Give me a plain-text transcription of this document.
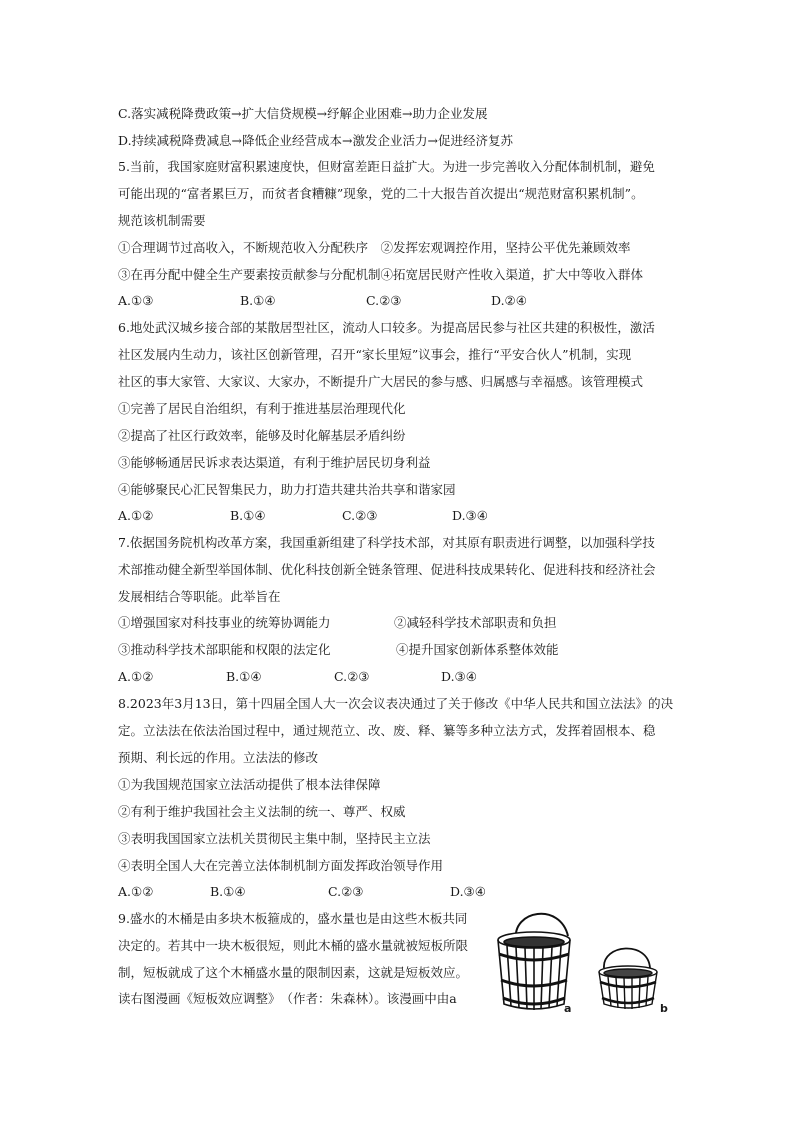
C.落实减税降费政策→扩大信贷规模→纾解企业困难→助力企业发展
D.持续减税降费减息→降低企业经营成本→激发企业活力→促进经济复苏
5.当前，我国家庭财富积累速度快，但财富差距日益扩大。为进一步完善收入分配体制机制，避免
可能出现的“富者累巨万，而贫者食糟糠”现象，党的二十大报告首次提出“规范财富积累机制”。
规范该机制需要
①合理调节过高收入，不断规范收入分配秩序　②发挥宏观调控作用，坚持公平优先兼顾效率
③在再分配中健全生产要素按贡献参与分配机制④拓宽居民财产性收入渠道，扩大中等收入群体
A.①③	B.①④	C.②③	D.②④
6.地处武汉城乡接合部的某散居型社区，流动人口较多。为提高居民参与社区共建的积极性，激活
社区发展内生动力，该社区创新管理，召开“家长里短”议事会，推行“平安合伙人”机制，实现
社区的事大家管、大家议、大家办，不断提升广大居民的参与感、归属感与幸福感。该管理模式
①完善了居民自治组织，有利于推进基层治理现代化
②提高了社区行政效率，能够及时化解基层矛盾纠纷
③能够畅通居民诉求表达渠道，有利于维护居民切身利益
④能够聚民心汇民智集民力，助力打造共建共治共享和谐家园
A.①②	B.①④	C.②③	D.③④
7.依据国务院机构改革方案，我国重新组建了科学技术部，对其原有职责进行调整，以加强科学技
术部推动健全新型举国体制、优化科技创新全链条管理、促进科技成果转化、促进科技和经济社会
发展相结合等职能。此举旨在
①增强国家对科技事业的统筹协调能力	②减轻科学技术部职责和负担
③推动科学技术部职能和权限的法定化	④提升国家创新体系整体效能
A.①②	B.①④	C.②③	D.③④
8.2023年3月13日，第十四届全国人大一次会议表决通过了关于修改《中华人民共和国立法法》的决
定。立法法在依法治国过程中，通过规范立、改、废、释、纂等多种立法方式，发挥着固根本、稳
预期、利长远的作用。立法法的修改
①为我国规范国家立法活动提供了根本法律保障
②有利于维护我国社会主义法制的统一、尊严、权威
③表明我国国家立法机关贯彻民主集中制，坚持民主立法
④表明全国人大在完善立法体制机制方面发挥政治领导作用
A.①②	B.①④	C.②③	D.③④
9.盛水的木桶是由多块木板箍成的，盛水量也是由这些木板共同
决定的。若其中一块木板很短，则此木桶的盛水量就被短板所限
制，短板就成了这个木桶盛水量的限制因素，这就是短板效应。
读右图漫画《短板效应调整》　（作者：朱森林）。该漫画中由a
a	b
